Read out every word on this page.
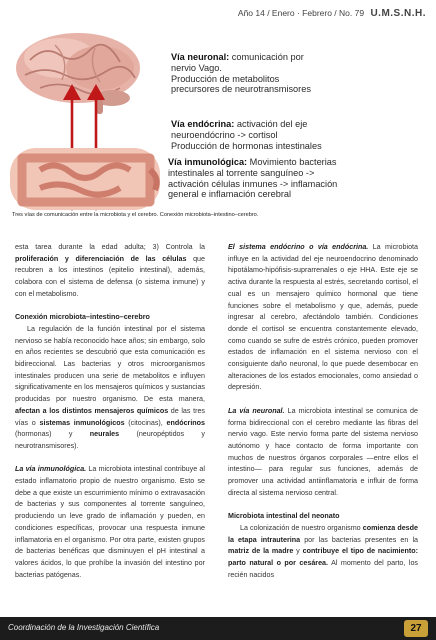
Año 14 / Enero · Febrero / No. 79 U.M.S.N.H.
Vía neuronal: comunicación por
nervio Vago.
Producción de metabolitos
precursores de neurotransmisores
Vía endócrina: activación del eje
neuroendócrino -> cortisol
Producción de hormonas intestinales
Vía inmunológica: Movimiento bacterias
intestinales al torrente sanguíneo ->
activación células inmunes -> inflamación
general e inflamación cerebral
Tres vías de comunicación entre la microbiota y el cerebro. Conexión microbiota–intestino–cerebro.

esta tarea durante la edad adulta; 3) Controla la proliferación y diferenciación de las células que recubren a los intestinos (epitelio intestinal), además, colabora con el sistema de defensa (o sistema inmune) y con el metabolismo.

Conexión microbiota–intestino–cerebro

La regulación de la función intestinal por el sistema nervioso se había reconocido hace años; sin embargo, solo en años recientes se descubrió que esta comunicación es bidireccional. Las bacterias y otros microorganismos intestinales producen una serie de metabolitos e influyen significativamente en los mensajeros químicos y sustancias producidas por nuestro organismo. De esta manera, afectan a los distintos mensajeros químicos de las tres vías o sistemas inmunológicos (citocinas), endócrinos (hormonas) y neurales (neuropéptidos y neurotransmisores).

La vía inmunológica. La microbiota intestinal contribuye al estado inflamatorio propio de nuestro organismo. Esto se debe a que existe un escurrimiento mínimo o extravasación de bacterias y sus componentes al torrente sanguíneo, produciendo un leve grado de inflamación y pueden, en condiciones específicas, provocar una respuesta inmune inflamatoria en el organismo. Por otra parte, existen grupos de bacterias benéficas que disminuyen el pH intestinal a valores ácidos, lo que prohíbe la invasión del intestino por bacterias patógenas.

El sistema endócrino o vía endócrina. La microbiota influye en la actividad del eje neuroendocrino denominado hipotálamo-hipófisis-suprarrenales o eje HHA. Este eje se activa durante la respuesta al estrés, secretando cortisol, el cual es un mensajero químico hormonal que tiene funciones sobre el metabolismo y que, además, puede ingresar al cerebro, afectándolo también. Condiciones donde el cortisol se encuentra constantemente elevado, como cuando se sufre de estrés crónico, pueden promover estados de inflamación en el sistema nervioso con el consiguiente daño neuronal, lo que puede desembocar en alteraciones de los estados emocionales, como ansiedad o depresión.

La vía neuronal. La microbiota intestinal se comunica de forma bidireccional con el cerebro mediante las fibras del nervio vago. Este nervio forma parte del sistema nervioso autónomo y hace contacto de forma importante con muchos de nuestros órganos corporales —entre ellos el intestino— para regular sus funciones, además de promover una actividad antiinflamatoria e influir de forma directa al sistema nervioso central.

Microbiota intestinal del neonato

La colonización de nuestro organismo comienza desde la etapa intrauterina por las bacterias presentes en la matriz de la madre y contribuye el tipo de nacimiento: parto natural o por cesárea. Al momento del parto, los recién nacidos

Coordinación de la Investigación Científica	27
